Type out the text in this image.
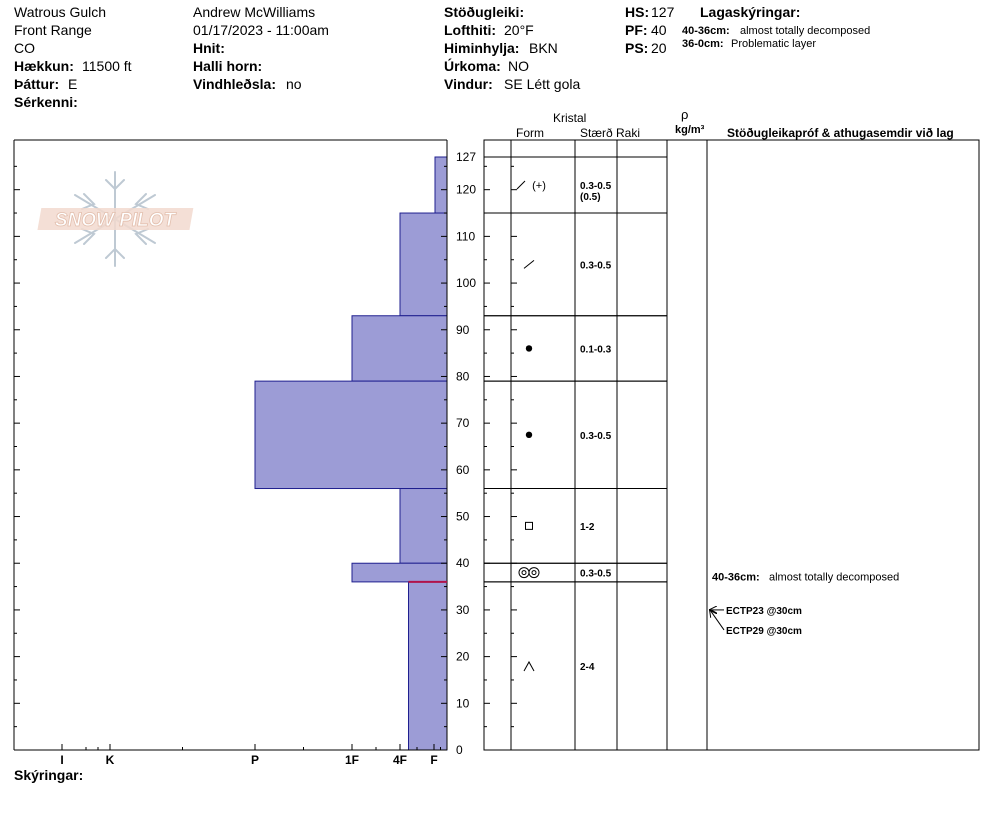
Watrous Gulch
Front Range
CO
Hækkun: 11500 ft
Þáttur: E
Sérkenni:
Andrew McWilliams
01/17/2023 - 11:00am
Hnit:
Halli horn:
Vindhleðsla: no
Stöðugleiki:
Lofthiti: 20°F
Himinhylja: BKN
Úrkoma: NO
Vindur: SE Létt gola
HS: 127
PF: 40
PS: 20
Lagaskýringar:
40-36cm: almost totally decomposed
36-0cm: Problematic layer
Kristal
Form	Stærð Raki
ρ
kg/m³ Stöðugleikapróf & athugasemdir við lag
Skýringar:
SNOW PILOT
0
10
20
30
40
50
60
70
80
90
100
110
120
127
I	K	P	1F	4F F
(+)	0.3-0.5
(0.5)
0.3-0.5
0.1-0.3
0.3-0.5
1-2
0.3-0.5
2-4
40-36cm: almost totally decomposed
ECTP23 @30cm
ECTP29 @30cm
